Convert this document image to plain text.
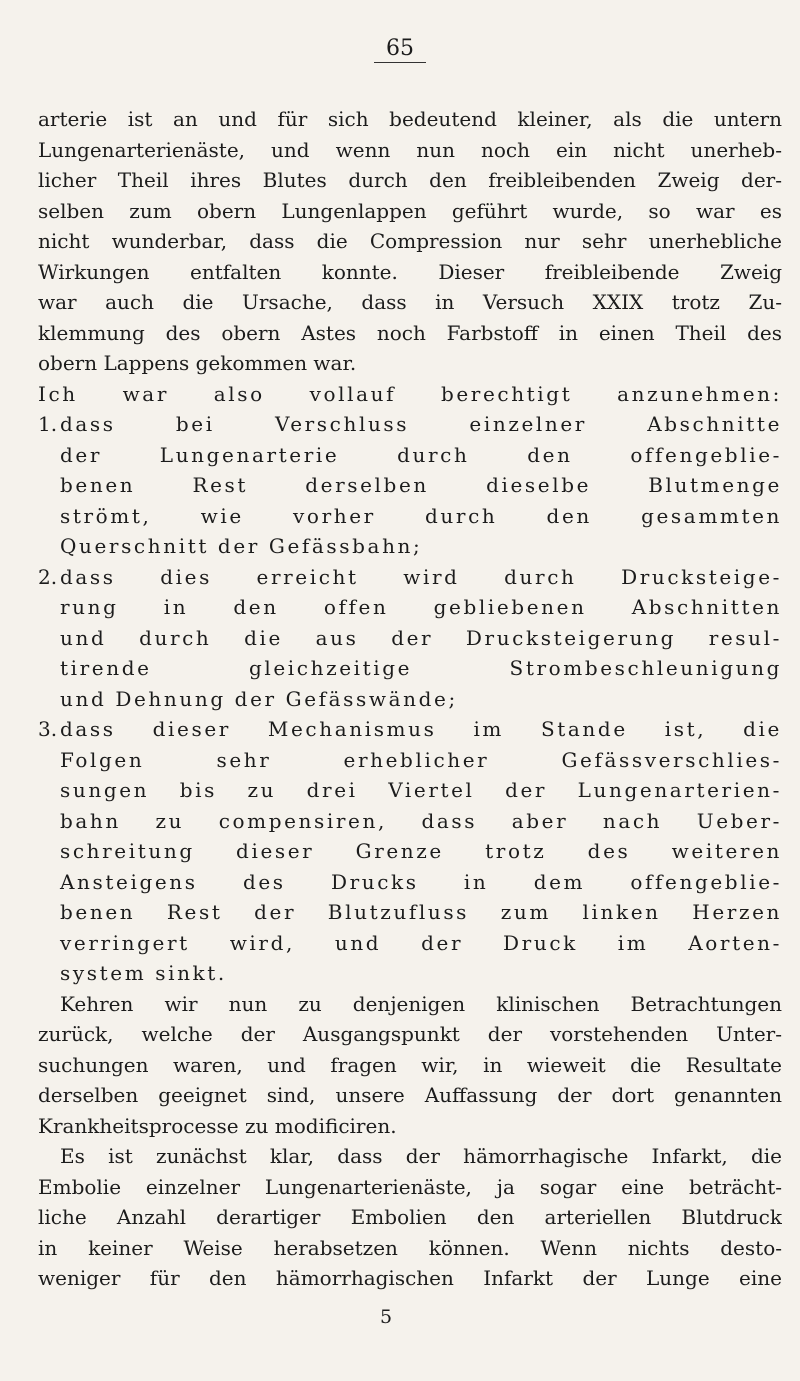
65
arterie ist an und für sich bedeutend kleiner, als die untern
Lungenarterienäste, und wenn nun noch ein nicht unerheb-
licher Theil ihres Blutes durch den freibleibenden Zweig der-
selben zum obern Lungenlappen geführt wurde, so war es
nicht wunderbar, dass die Compression nur sehr unerhebliche
Wirkungen entfalten konnte. Dieser freibleibende Zweig
war auch die Ursache, dass in Versuch XXIX trotz Zu-
klemmung des obern Astes noch Farbstoff in einen Theil des
obern Lappens gekommen war.
Ich war also vollauf berechtigt anzunehmen:
1. dass bei Verschluss einzelner Abschnitte
der Lungenarterie durch den offengeblie-
benen Rest derselben dieselbe Blutmenge
strömt, wie vorher durch den gesammten
Querschnitt der Gefässbahn;
2. dass dies erreicht wird durch Drucksteige-
rung in den offen gebliebenen Abschnitten
und durch die aus der Drucksteigerung resul-
tirende gleichzeitige Strombeschleunigung
und Dehnung der Gefässwände;
3. dass dieser Mechanismus im Stande ist, die
Folgen sehr erheblicher Gefässverschlies-
sungen bis zu drei Viertel der Lungenarterien-
bahn zu compensiren, dass aber nach Ueber-
schreitung dieser Grenze trotz des weiteren
Ansteigens des Drucks in dem offengeblie-
benen Rest der Blutzufluss zum linken Herzen
verringert wird, und der Druck im Aorten-
system sinkt.
Kehren wir nun zu denjenigen klinischen Betrachtungen
zurück, welche der Ausgangspunkt der vorstehenden Unter-
suchungen waren, und fragen wir, in wieweit die Resultate
derselben geeignet sind, unsere Auffassung der dort genannten
Krankheitsprocesse zu modificiren.
Es ist zunächst klar, dass der hämorrhagische Infarkt, die
Embolie einzelner Lungenarterienäste, ja sogar eine beträcht-
liche Anzahl derartiger Embolien den arteriellen Blutdruck
in keiner Weise herabsetzen können. Wenn nichts desto-
weniger für den hämorrhagischen Infarkt der Lunge eine
5
